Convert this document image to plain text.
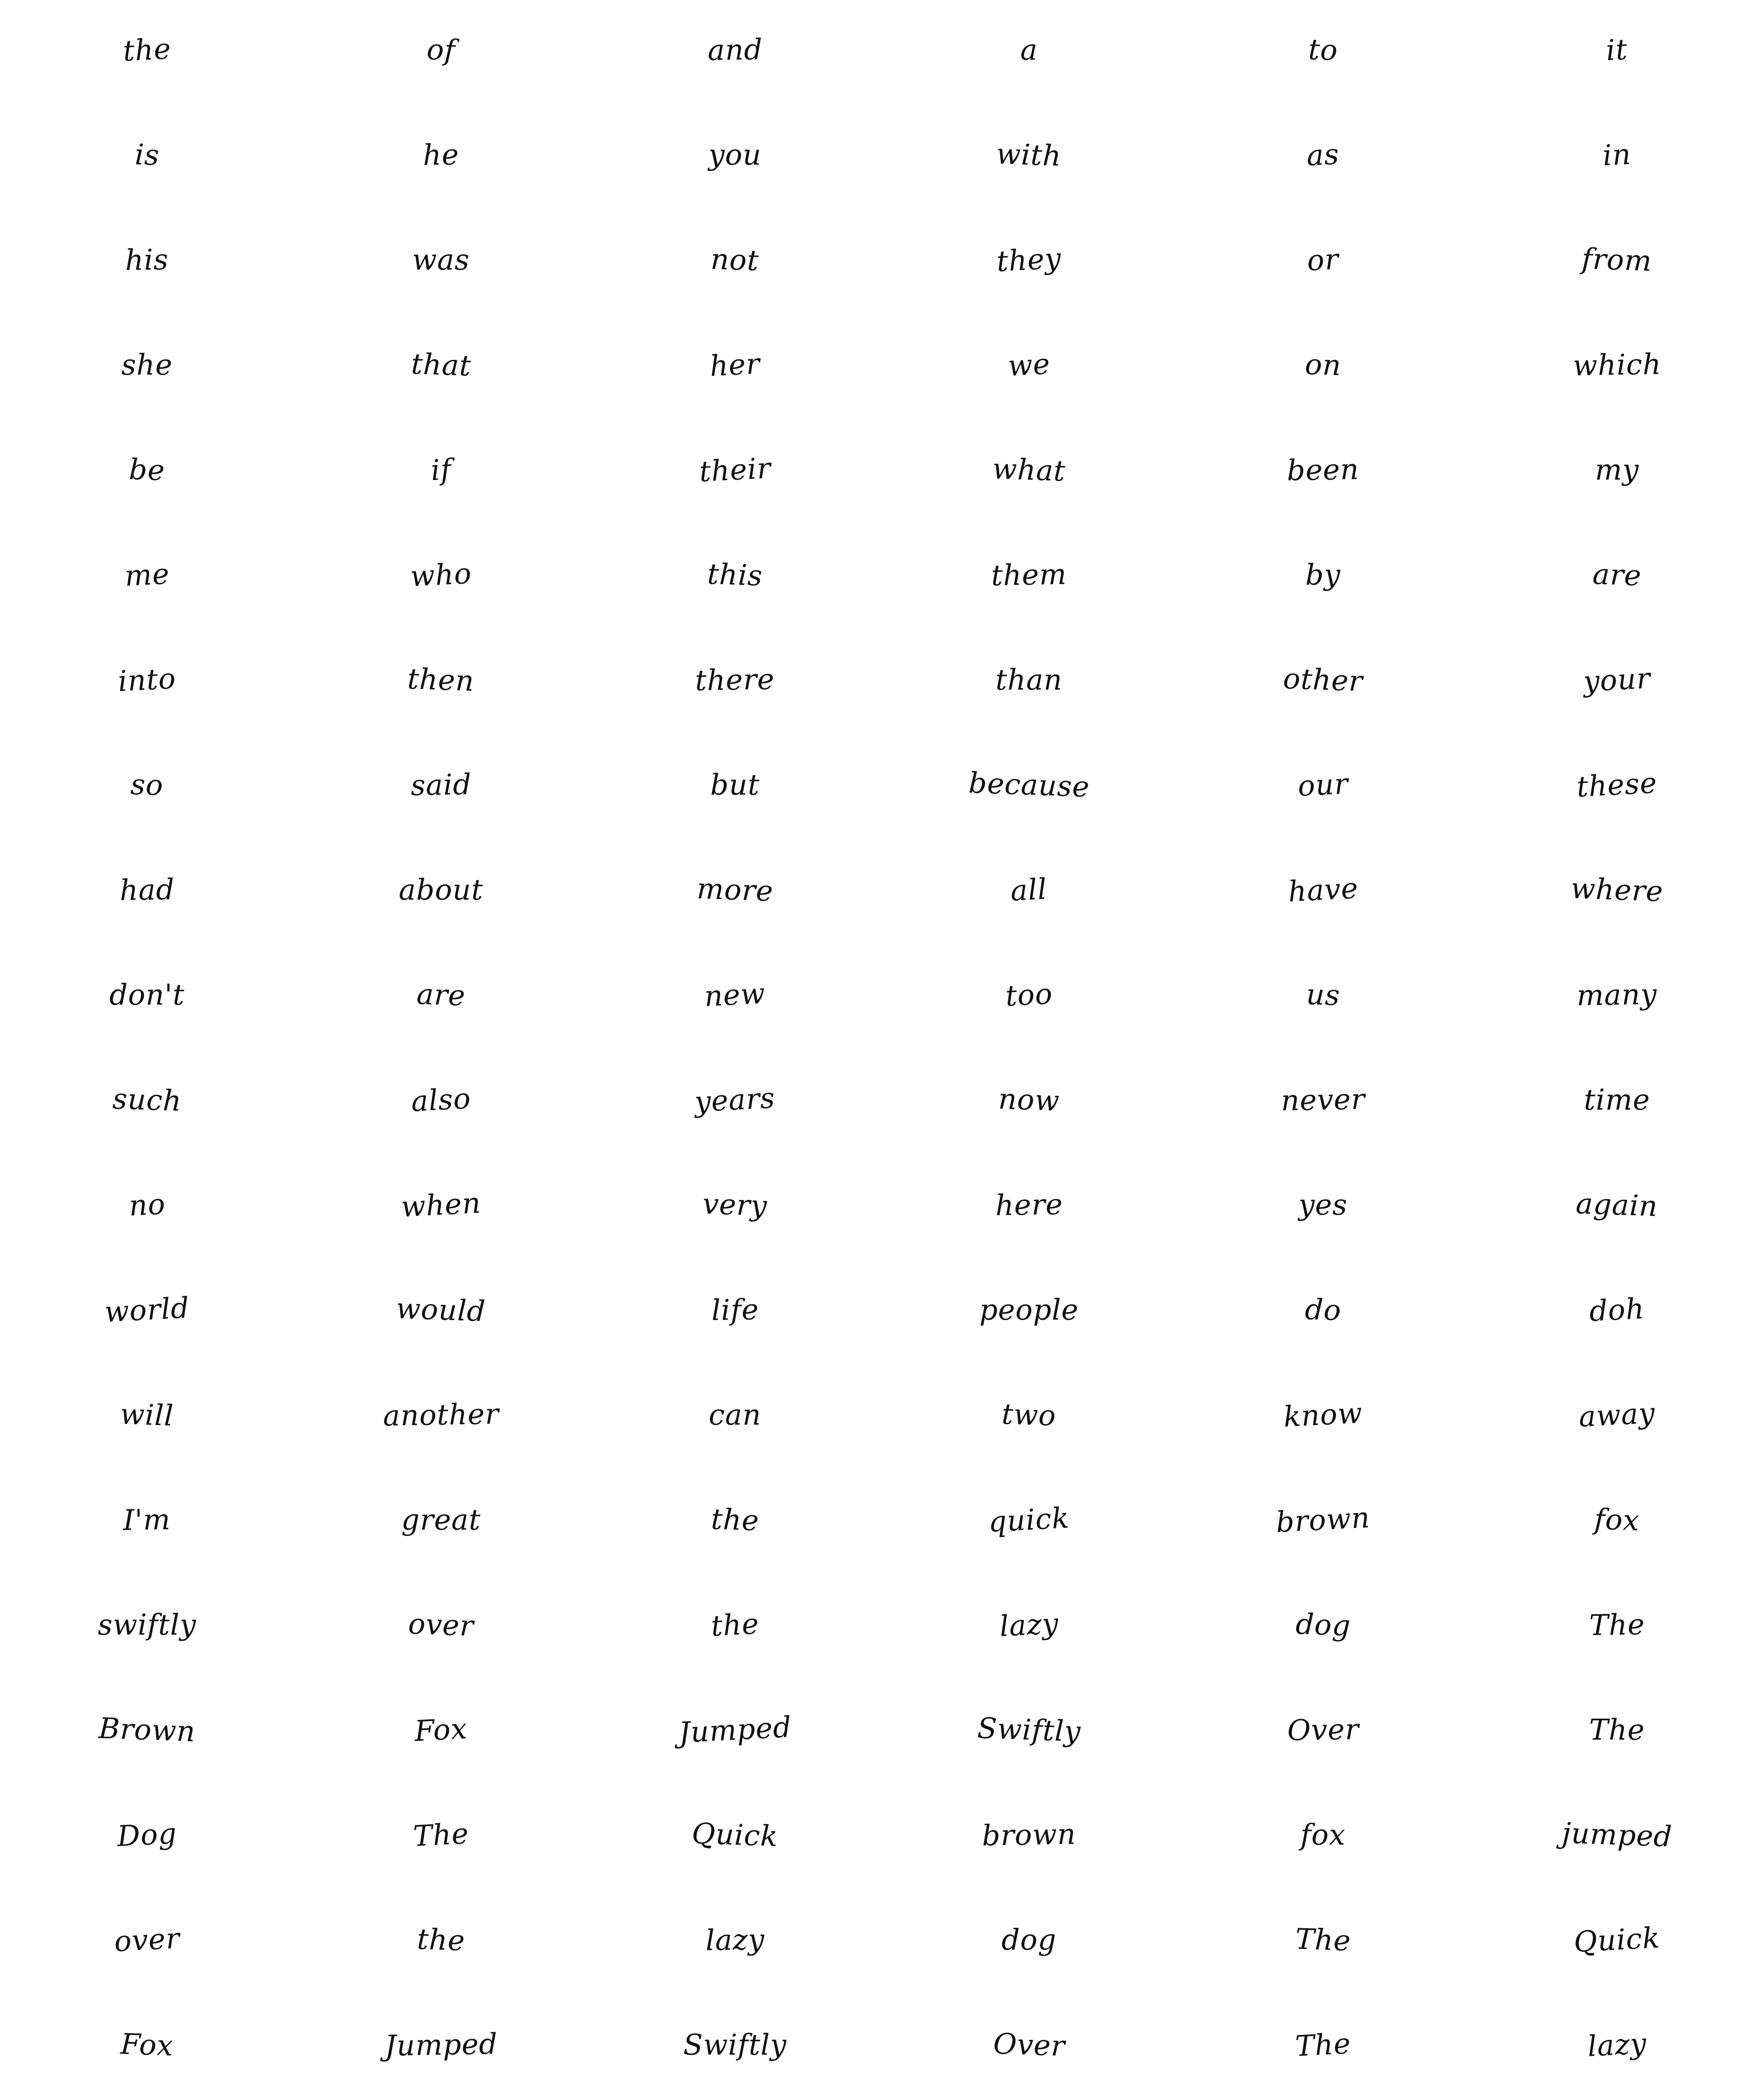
the	of	and	a	to	it
is	he	you	with	as	in
his	was	not	they	or	from
she	that	her	we	on	which
be	if	their	what	been	my
me	who	this	them	by	are
into	then	there	than	other	your
so	said	but	because	our	these
had	about	more	all	have	where
don't	are	new	too	us	many
such	also	years	now	never	time
no	when	very	here	yes	again
world	would	life	people	do	doh
will	another	can	two	know	away
I'm	great	the	quick	brown	fox
swiftly	over	the	lazy	dog	The
Brown	Fox	Jumped	Swiftly	Over	The
Dog	The	Quick	brown	fox	jumped
over	the	lazy	dog	The	Quick
Fox	Jumped	Swiftly	Over	The	lazy
